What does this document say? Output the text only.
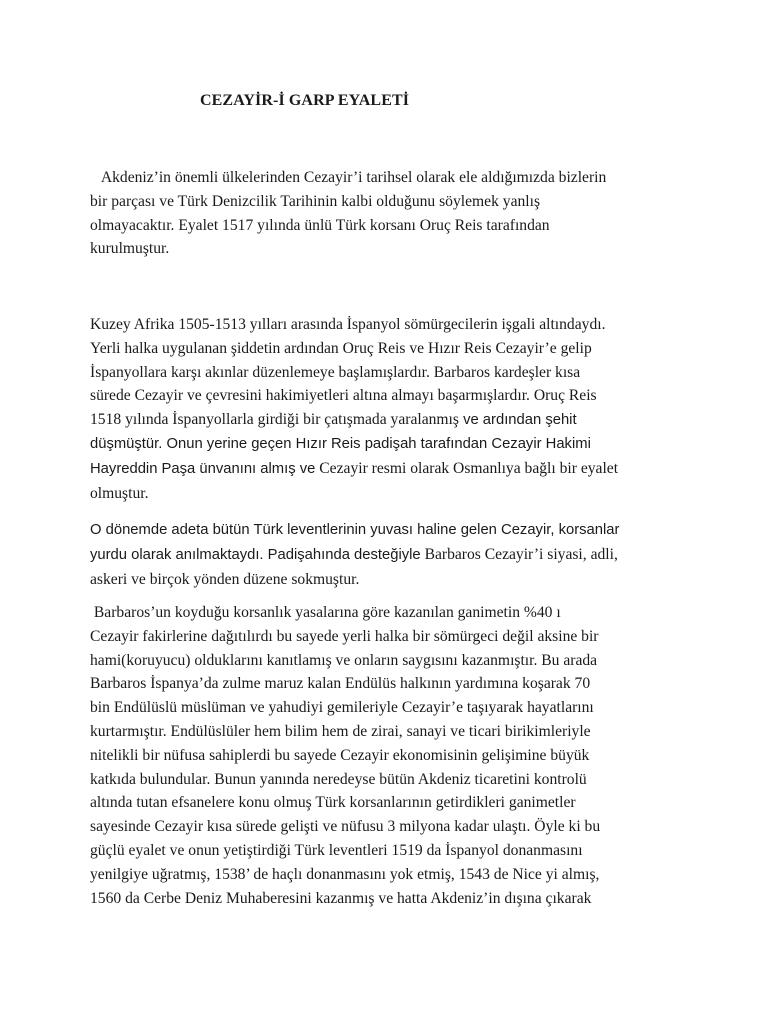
CEZAYİR-İ GARP EYALETİ

Akdeniz’in önemli ülkelerinden Cezayir’i tarihsel olarak ele aldığımızda bizlerin
bir parçası ve Türk Denizcilik Tarihinin kalbi olduğunu söylemek yanlış
olmayacaktır. Eyalet 1517 yılında ünlü Türk korsanı Oruç Reis tarafından
kurulmuştur.

Kuzey Afrika 1505-1513 yılları arasında İspanyol sömürgecilerin işgali altındaydı.
Yerli halka uygulanan şiddetin ardından Oruç Reis ve Hızır Reis Cezayir’e gelip
İspanyollara karşı akınlar düzenlemeye başlamışlardır. Barbaros kardeşler kısa
sürede Cezayir ve çevresini hakimiyetleri altına almayı başarmışlardır. Oruç Reis
1518 yılında İspanyollarla girdiği bir çatışmada yaralanmış ve ardından şehit
düşmüştür. Onun yerine geçen Hızır Reis padişah tarafından Cezayir Hakimi
Hayreddin Paşa ünvanını almış ve Cezayir resmi olarak Osmanlıya bağlı bir eyalet
olmuştur.

O dönemde adeta bütün Türk leventlerinin yuvası haline gelen Cezayir, korsanlar
yurdu olarak anılmaktaydı. Padişahında desteğiyle Barbaros Cezayir’i siyasi, adli,
askeri ve birçok yönden düzene sokmuştur.

Barbaros’un koyduğu korsanlık yasalarına göre kazanılan ganimetin %40 ı
Cezayir fakirlerine dağıtılırdı bu sayede yerli halka bir sömürgeci değil aksine bir
hami(koruyucu) olduklarını kanıtlamış ve onların saygısını kazanmıştır. Bu arada
Barbaros İspanya’da zulme maruz kalan Endülüs halkının yardımına koşarak 70
bin Endülüslü müslüman ve yahudiyi gemileriyle Cezayir’e taşıyarak hayatlarını
kurtarmıştır. Endülüslüler hem bilim hem de zirai, sanayi ve ticari birikimleriyle
nitelikli bir nüfusa sahiplerdi bu sayede Cezayir ekonomisinin gelişimine büyük
katkıda bulundular. Bunun yanında neredeyse bütün Akdeniz ticaretini kontrolü
altında tutan efsanelere konu olmuş Türk korsanlarının getirdikleri ganimetler
sayesinde Cezayir kısa sürede gelişti ve nüfusu 3 milyona kadar ulaştı. Öyle ki bu
güçlü eyalet ve onun yetiştirdiği Türk leventleri 1519 da İspanyol donanmasını
yenilgiye uğratmış, 1538’ de haçlı donanmasını yok etmiş, 1543 de Nice yi almış,
1560 da Cerbe Deniz Muhaberesini kazanmış ve hatta Akdeniz’in dışına çıkarak
